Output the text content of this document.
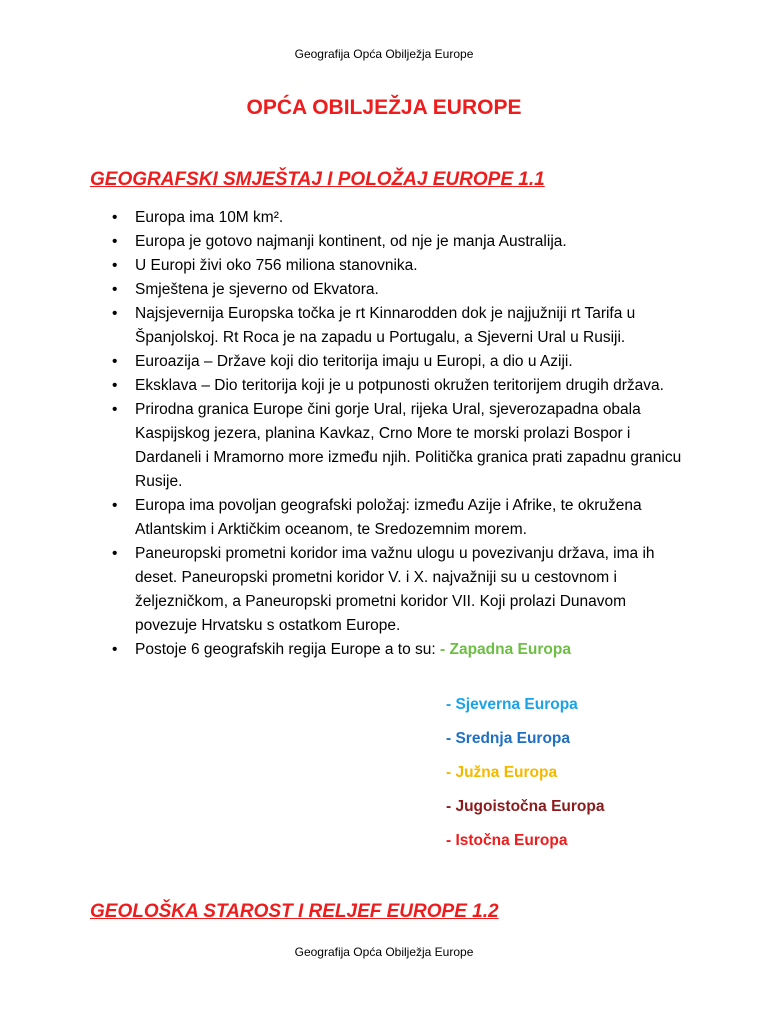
Geografija Opća Obilježja Europe
OPĆA OBILJEŽJA EUROPE
GEOGRAFSKI SMJEŠTAJ I POLOŽAJ EUROPE 1.1
• Europa ima 10M km².
• Europa je gotovo najmanji kontinent, od nje je manja Australija.
• U Europi živi oko 756 miliona stanovnika.
• Smještena je sjeverno od Ekvatora.
• Najsjevernija Europska točka je rt Kinnarodden dok je najjužniji rt Tarifa u Španjolskoj. Rt Roca je na zapadu u Portugalu, a Sjeverni Ural u Rusiji.
• Euroazija – Države koji dio teritorija imaju u Europi, a dio u Aziji.
• Eksklava – Dio teritorija koji je u potpunosti okružen teritorijem drugih država.
• Prirodna granica Europe čini gorje Ural, rijeka Ural, sjeverozapadna obala Kaspijskog jezera, planina Kavkaz, Crno More te morski prolazi Bospor i Dardaneli i Mramorno more između njih. Politička granica prati zapadnu granicu Rusije.
• Europa ima povoljan geografski položaj: između Azije i Afrike, te okružena Atlantskim i Arktičkim oceanom, te Sredozemnim morem.
• Paneuropski prometni koridor ima važnu ulogu u povezivanju država, ima ih deset. Paneuropski prometni koridor V. i X. najvažniji su u cestovnom i željezničkom, a Paneuropski prometni koridor VII. Koji prolazi Dunavom povezuje Hrvatsku s ostatkom Europe.
• Postoje 6 geografskih regija Europe a to su: - Zapadna Europa
- Sjeverna Europa
- Srednja Europa
- Južna Europa
- Jugoistočna Europa
- Istočna Europa
GEOLOŠKA STAROST I RELJEF EUROPE 1.2
Geografija Opća Obilježja Europe
